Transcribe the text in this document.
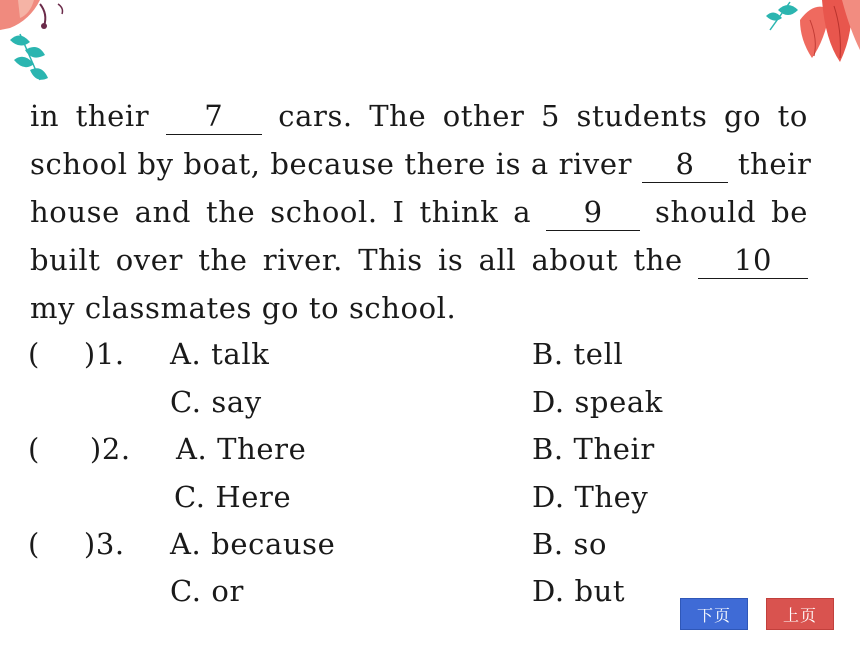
in their 7 cars. The other 5 students go to
school by boat, because there is a river 8 their
house and the school. I think a 9 should be
built over the river. This is all about the 10
my classmates go to school.
( )1. A. talk	B. tell
C. say	D. speak
( )2. A. There	B. Their
C. Here	D. They
( )3. A. because	B. so
C. or	D. but
下页	上页
